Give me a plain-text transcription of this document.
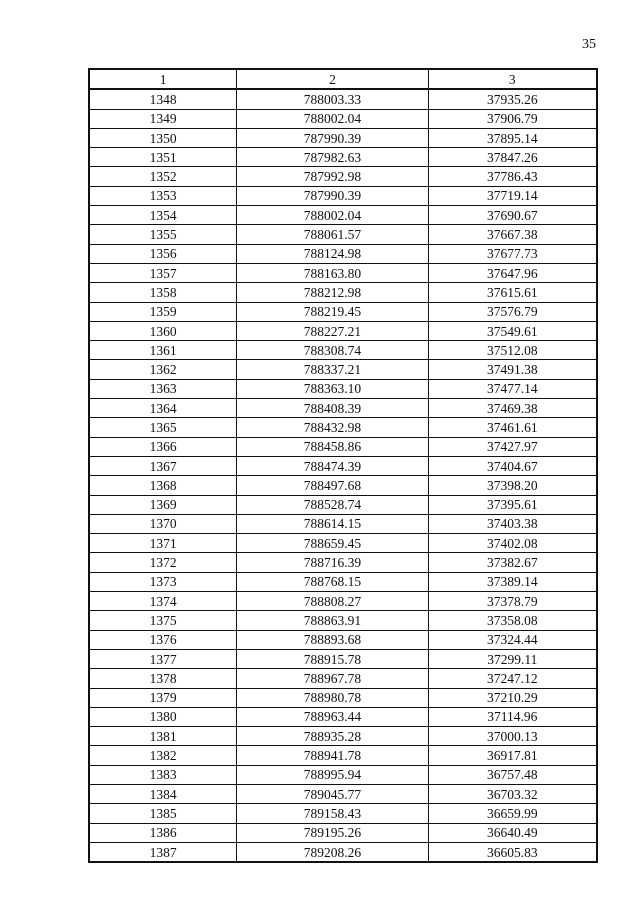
35
1	2	3
1348	788003.33	37935.26
1349	788002.04	37906.79
1350	787990.39	37895.14
1351	787982.63	37847.26
1352	787992.98	37786.43
1353	787990.39	37719.14
1354	788002.04	37690.67
1355	788061.57	37667.38
1356	788124.98	37677.73
1357	788163.80	37647.96
1358	788212.98	37615.61
1359	788219.45	37576.79
1360	788227.21	37549.61
1361	788308.74	37512.08
1362	788337.21	37491.38
1363	788363.10	37477.14
1364	788408.39	37469.38
1365	788432.98	37461.61
1366	788458.86	37427.97
1367	788474.39	37404.67
1368	788497.68	37398.20
1369	788528.74	37395.61
1370	788614.15	37403.38
1371	788659.45	37402.08
1372	788716.39	37382.67
1373	788768.15	37389.14
1374	788808.27	37378.79
1375	788863.91	37358.08
1376	788893.68	37324.44
1377	788915.78	37299.11
1378	788967.78	37247.12
1379	788980.78	37210.29
1380	788963.44	37114.96
1381	788935.28	37000.13
1382	788941.78	36917.81
1383	788995.94	36757.48
1384	789045.77	36703.32
1385	789158.43	36659.99
1386	789195.26	36640.49
1387	789208.26	36605.83
